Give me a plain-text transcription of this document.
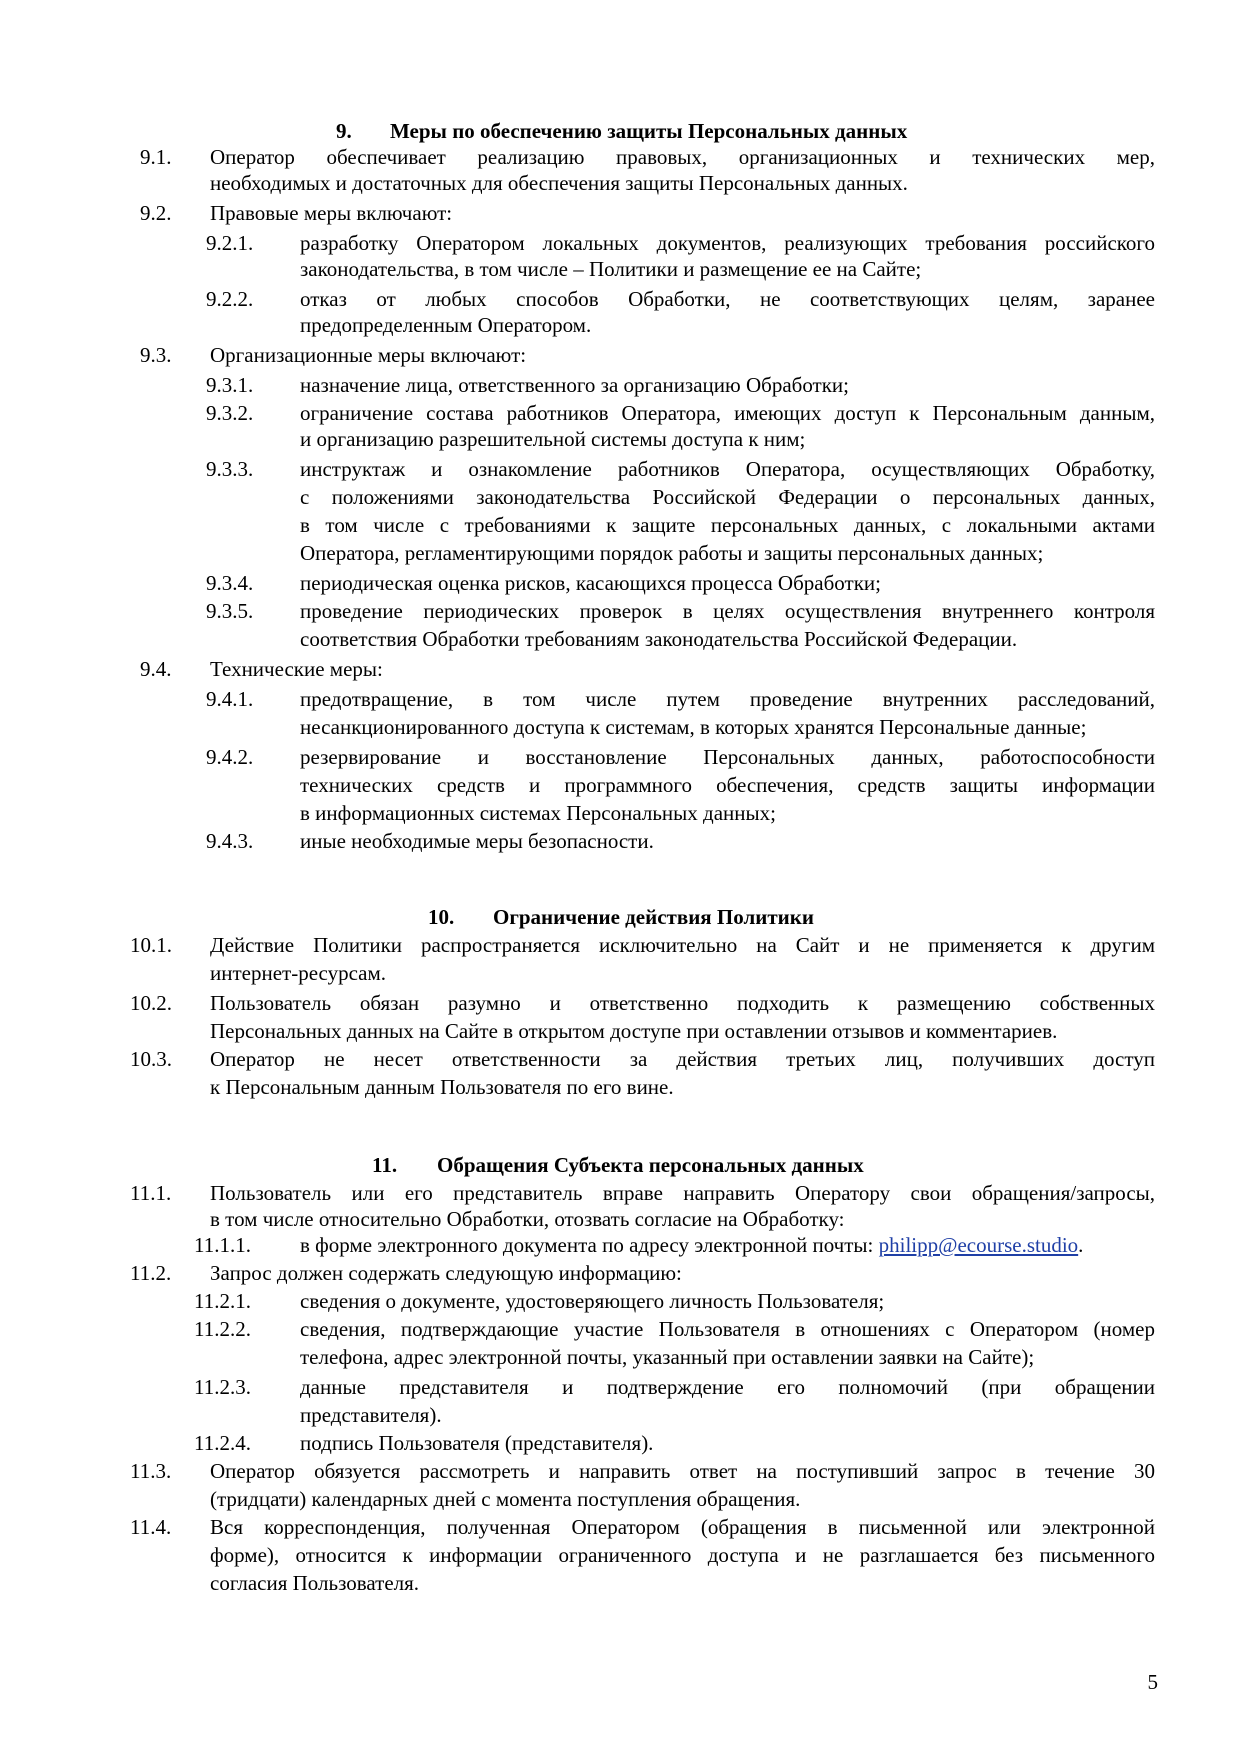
9. Меры по обеспечению защиты Персональных данных
9.1. Оператор обеспечивает реализацию правовых, организационных и технических мер,
необходимых и достаточных для обеспечения защиты Персональных данных.
9.2. Правовые меры включают:
9.2.1. разработку Оператором локальных документов, реализующих требования российского
законодательства, в том числе – Политики и размещение ее на Сайте;
9.2.2. отказ от любых способов Обработки, не соответствующих целям, заранее
предопределенным Оператором.
9.3. Организационные меры включают:
9.3.1. назначение лица, ответственного за организацию Обработки;
9.3.2. ограничение состава работников Оператора, имеющих доступ к Персональным данным,
и организацию разрешительной системы доступа к ним;
9.3.3. инструктаж и ознакомление работников Оператора, осуществляющих Обработку,
с положениями законодательства Российской Федерации о персональных данных,
в том числе с требованиями к защите персональных данных, с локальными актами
Оператора, регламентирующими порядок работы и защиты персональных данных;
9.3.4. периодическая оценка рисков, касающихся процесса Обработки;
9.3.5. проведение периодических проверок в целях осуществления внутреннего контроля
соответствия Обработки требованиям законодательства Российской Федерации.
9.4. Технические меры:
9.4.1. предотвращение, в том числе путем проведение внутренних расследований,
несанкционированного доступа к системам, в которых хранятся Персональные данные;
9.4.2. резервирование и восстановление Персональных данных, работоспособности
технических средств и программного обеспечения, средств защиты информации
в информационных системах Персональных данных;
9.4.3. иные необходимые меры безопасности.
10. Ограничение действия Политики
10.1. Действие Политики распространяется исключительно на Сайт и не применяется к другим
интернет-ресурсам.
10.2. Пользователь обязан разумно и ответственно подходить к размещению собственных
Персональных данных на Сайте в открытом доступе при оставлении отзывов и комментариев.
10.3. Оператор не несет ответственности за действия третьих лиц, получивших доступ
к Персональным данным Пользователя по его вине.
11. Обращения Субъекта персональных данных
11.1. Пользователь или его представитель вправе направить Оператору свои обращения/запросы,
в том числе относительно Обработки, отозвать согласие на Обработку:
11.1.1. в форме электронного документа по адресу электронной почты: philipp@ecourse.studio.
11.2. Запрос должен содержать следующую информацию:
11.2.1. сведения о документе, удостоверяющего личность Пользователя;
11.2.2. сведения, подтверждающие участие Пользователя в отношениях с Оператором (номер
телефона, адрес электронной почты, указанный при оставлении заявки на Сайте);
11.2.3. данные представителя и подтверждение его полномочий (при обращении
представителя).
11.2.4. подпись Пользователя (представителя).
11.3. Оператор обязуется рассмотреть и направить ответ на поступивший запрос в течение 30
(тридцати) календарных дней с момента поступления обращения.
11.4. Вся корреспонденция, полученная Оператором (обращения в письменной или электронной
форме), относится к информации ограниченного доступа и не разглашается без письменного
согласия Пользователя.
5
